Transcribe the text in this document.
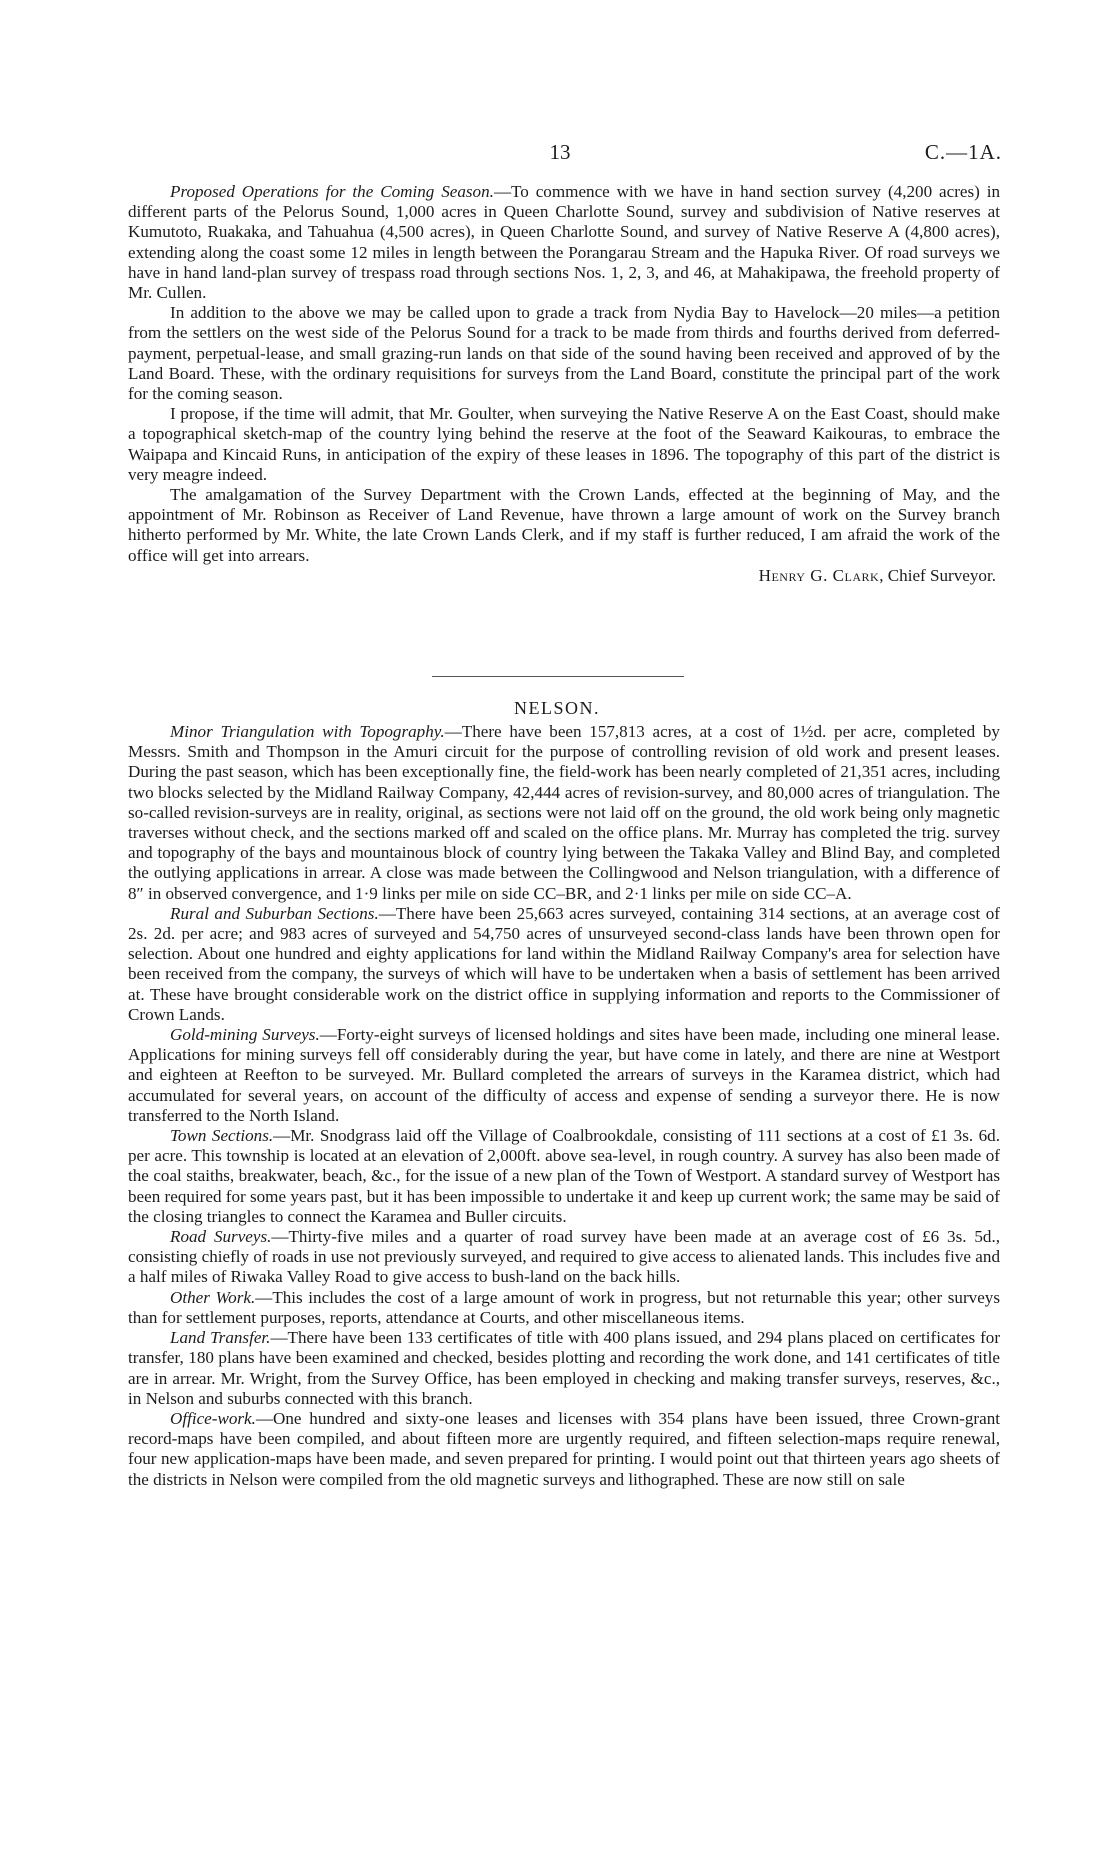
13	C.—1A.

Proposed Operations for the Coming Season.—To commence with we have in hand section survey (4,200 acres) in different parts of the Pelorus Sound, 1,000 acres in Queen Charlotte Sound, survey and subdivision of Native reserves at Kumutoto, Ruakaka, and Tahuahua (4,500 acres), in Queen Charlotte Sound, and survey of Native Reserve A (4,800 acres), extending along the coast some 12 miles in length between the Porangarau Stream and the Hapuka River. Of road surveys we have in hand land-plan survey of trespass road through sections Nos. 1, 2, 3, and 46, at Mahakipawa, the freehold property of Mr. Cullen.

In addition to the above we may be called upon to grade a track from Nydia Bay to Havelock—20 miles—a petition from the settlers on the west side of the Pelorus Sound for a track to be made from thirds and fourths derived from deferred-payment, perpetual-lease, and small grazing-run lands on that side of the sound having been received and approved of by the Land Board. These, with the ordinary requisitions for surveys from the Land Board, constitute the principal part of the work for the coming season.

I propose, if the time will admit, that Mr. Goulter, when surveying the Native Reserve A on the East Coast, should make a topographical sketch-map of the country lying behind the reserve at the foot of the Seaward Kaikouras, to embrace the Waipapa and Kincaid Runs, in anticipation of the expiry of these leases in 1896. The topography of this part of the district is very meagre indeed.

The amalgamation of the Survey Department with the Crown Lands, effected at the beginning of May, and the appointment of Mr. Robinson as Receiver of Land Revenue, have thrown a large amount of work on the Survey branch hitherto performed by Mr. White, the late Crown Lands Clerk, and if my staff is further reduced, I am afraid the work of the office will get into arrears.

Henry G. Clark, Chief Surveyor.

NELSON.

Minor Triangulation with Topography.—There have been 157,813 acres, at a cost of 1½d. per acre, completed by Messrs. Smith and Thompson in the Amuri circuit for the purpose of controlling revision of old work and present leases. During the past season, which has been exceptionally fine, the field-work has been nearly completed of 21,351 acres, including two blocks selected by the Midland Railway Company, 42,444 acres of revision-survey, and 80,000 acres of triangulation. The so-called revision-surveys are in reality, original, as sections were not laid off on the ground, the old work being only magnetic traverses without check, and the sections marked off and scaled on the office plans. Mr. Murray has completed the trig. survey and topography of the bays and mountainous block of country lying between the Takaka Valley and Blind Bay, and completed the outlying applications in arrear. A close was made between the Collingwood and Nelson triangulation, with a difference of 8″ in observed convergence, and 1·9 links per mile on side CC–BR, and 2·1 links per mile on side CC–A.

Rural and Suburban Sections.—There have been 25,663 acres surveyed, containing 314 sections, at an average cost of 2s. 2d. per acre; and 983 acres of surveyed and 54,750 acres of unsurveyed second-class lands have been thrown open for selection. About one hundred and eighty applications for land within the Midland Railway Company's area for selection have been received from the company, the surveys of which will have to be undertaken when a basis of settlement has been arrived at. These have brought considerable work on the district office in supplying information and reports to the Commissioner of Crown Lands.

Gold-mining Surveys.—Forty-eight surveys of licensed holdings and sites have been made, including one mineral lease. Applications for mining surveys fell off considerably during the year, but have come in lately, and there are nine at Westport and eighteen at Reefton to be surveyed. Mr. Bullard completed the arrears of surveys in the Karamea district, which had accumulated for several years, on account of the difficulty of access and expense of sending a surveyor there. He is now transferred to the North Island.

Town Sections.—Mr. Snodgrass laid off the Village of Coalbrookdale, consisting of 111 sections at a cost of £1 3s. 6d. per acre. This township is located at an elevation of 2,000ft. above sea-level, in rough country. A survey has also been made of the coal staiths, breakwater, beach, &c., for the issue of a new plan of the Town of Westport. A standard survey of Westport has been required for some years past, but it has been impossible to undertake it and keep up current work; the same may be said of the closing triangles to connect the Karamea and Buller circuits.

Road Surveys.—Thirty-five miles and a quarter of road survey have been made at an average cost of £6 3s. 5d., consisting chiefly of roads in use not previously surveyed, and required to give access to alienated lands. This includes five and a half miles of Riwaka Valley Road to give access to bush-land on the back hills.

Other Work.—This includes the cost of a large amount of work in progress, but not returnable this year; other surveys than for settlement purposes, reports, attendance at Courts, and other miscellaneous items.

Land Transfer.—There have been 133 certificates of title with 400 plans issued, and 294 plans placed on certificates for transfer, 180 plans have been examined and checked, besides plotting and recording the work done, and 141 certificates of title are in arrear. Mr. Wright, from the Survey Office, has been employed in checking and making transfer surveys, reserves, &c., in Nelson and suburbs connected with this branch.

Office-work.—One hundred and sixty-one leases and licenses with 354 plans have been issued, three Crown-grant record-maps have been compiled, and about fifteen more are urgently required, and fifteen selection-maps require renewal, four new application-maps have been made, and seven prepared for printing. I would point out that thirteen years ago sheets of the districts in Nelson were compiled from the old magnetic surveys and lithographed. These are now still on sale
